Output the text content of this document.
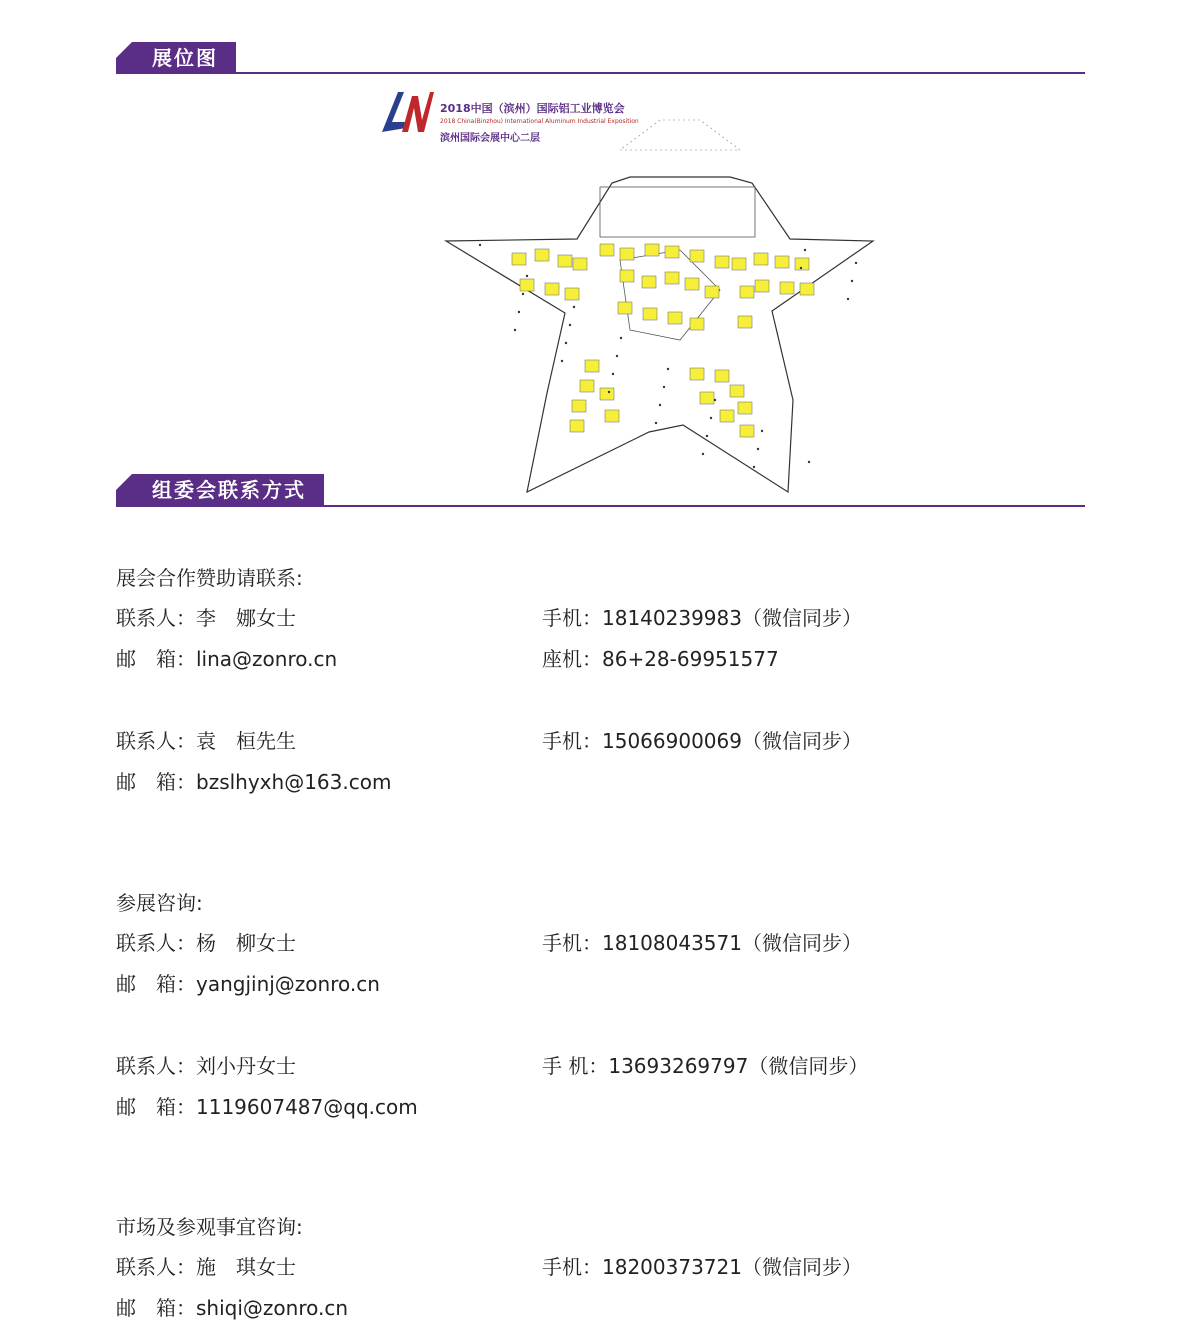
展位图
2018中国（滨州）国际铝工业博览会
2018 China(Binzhou) International Aluminum Industrial Exposition
滨州国际会展中心二层
组委会联系方式
展会合作赞助请联系:
联系人：李　娜女士	手机：18140239983（微信同步）
邮　箱：lina@zonro.cn	座机：86+28-69951577
联系人：袁　桓先生	手机：15066900069（微信同步）
邮　箱：bzslhyxh@163.com
参展咨询:
联系人：杨　柳女士	手机：18108043571（微信同步）
邮　箱：yangjinj@zonro.cn
联系人：刘小丹女士	手 机：13693269797（微信同步）
邮　箱：1119607487@qq.com
市场及参观事宜咨询:
联系人：施　琪女士	手机：18200373721（微信同步）
邮　箱：shiqi@zonro.cn
